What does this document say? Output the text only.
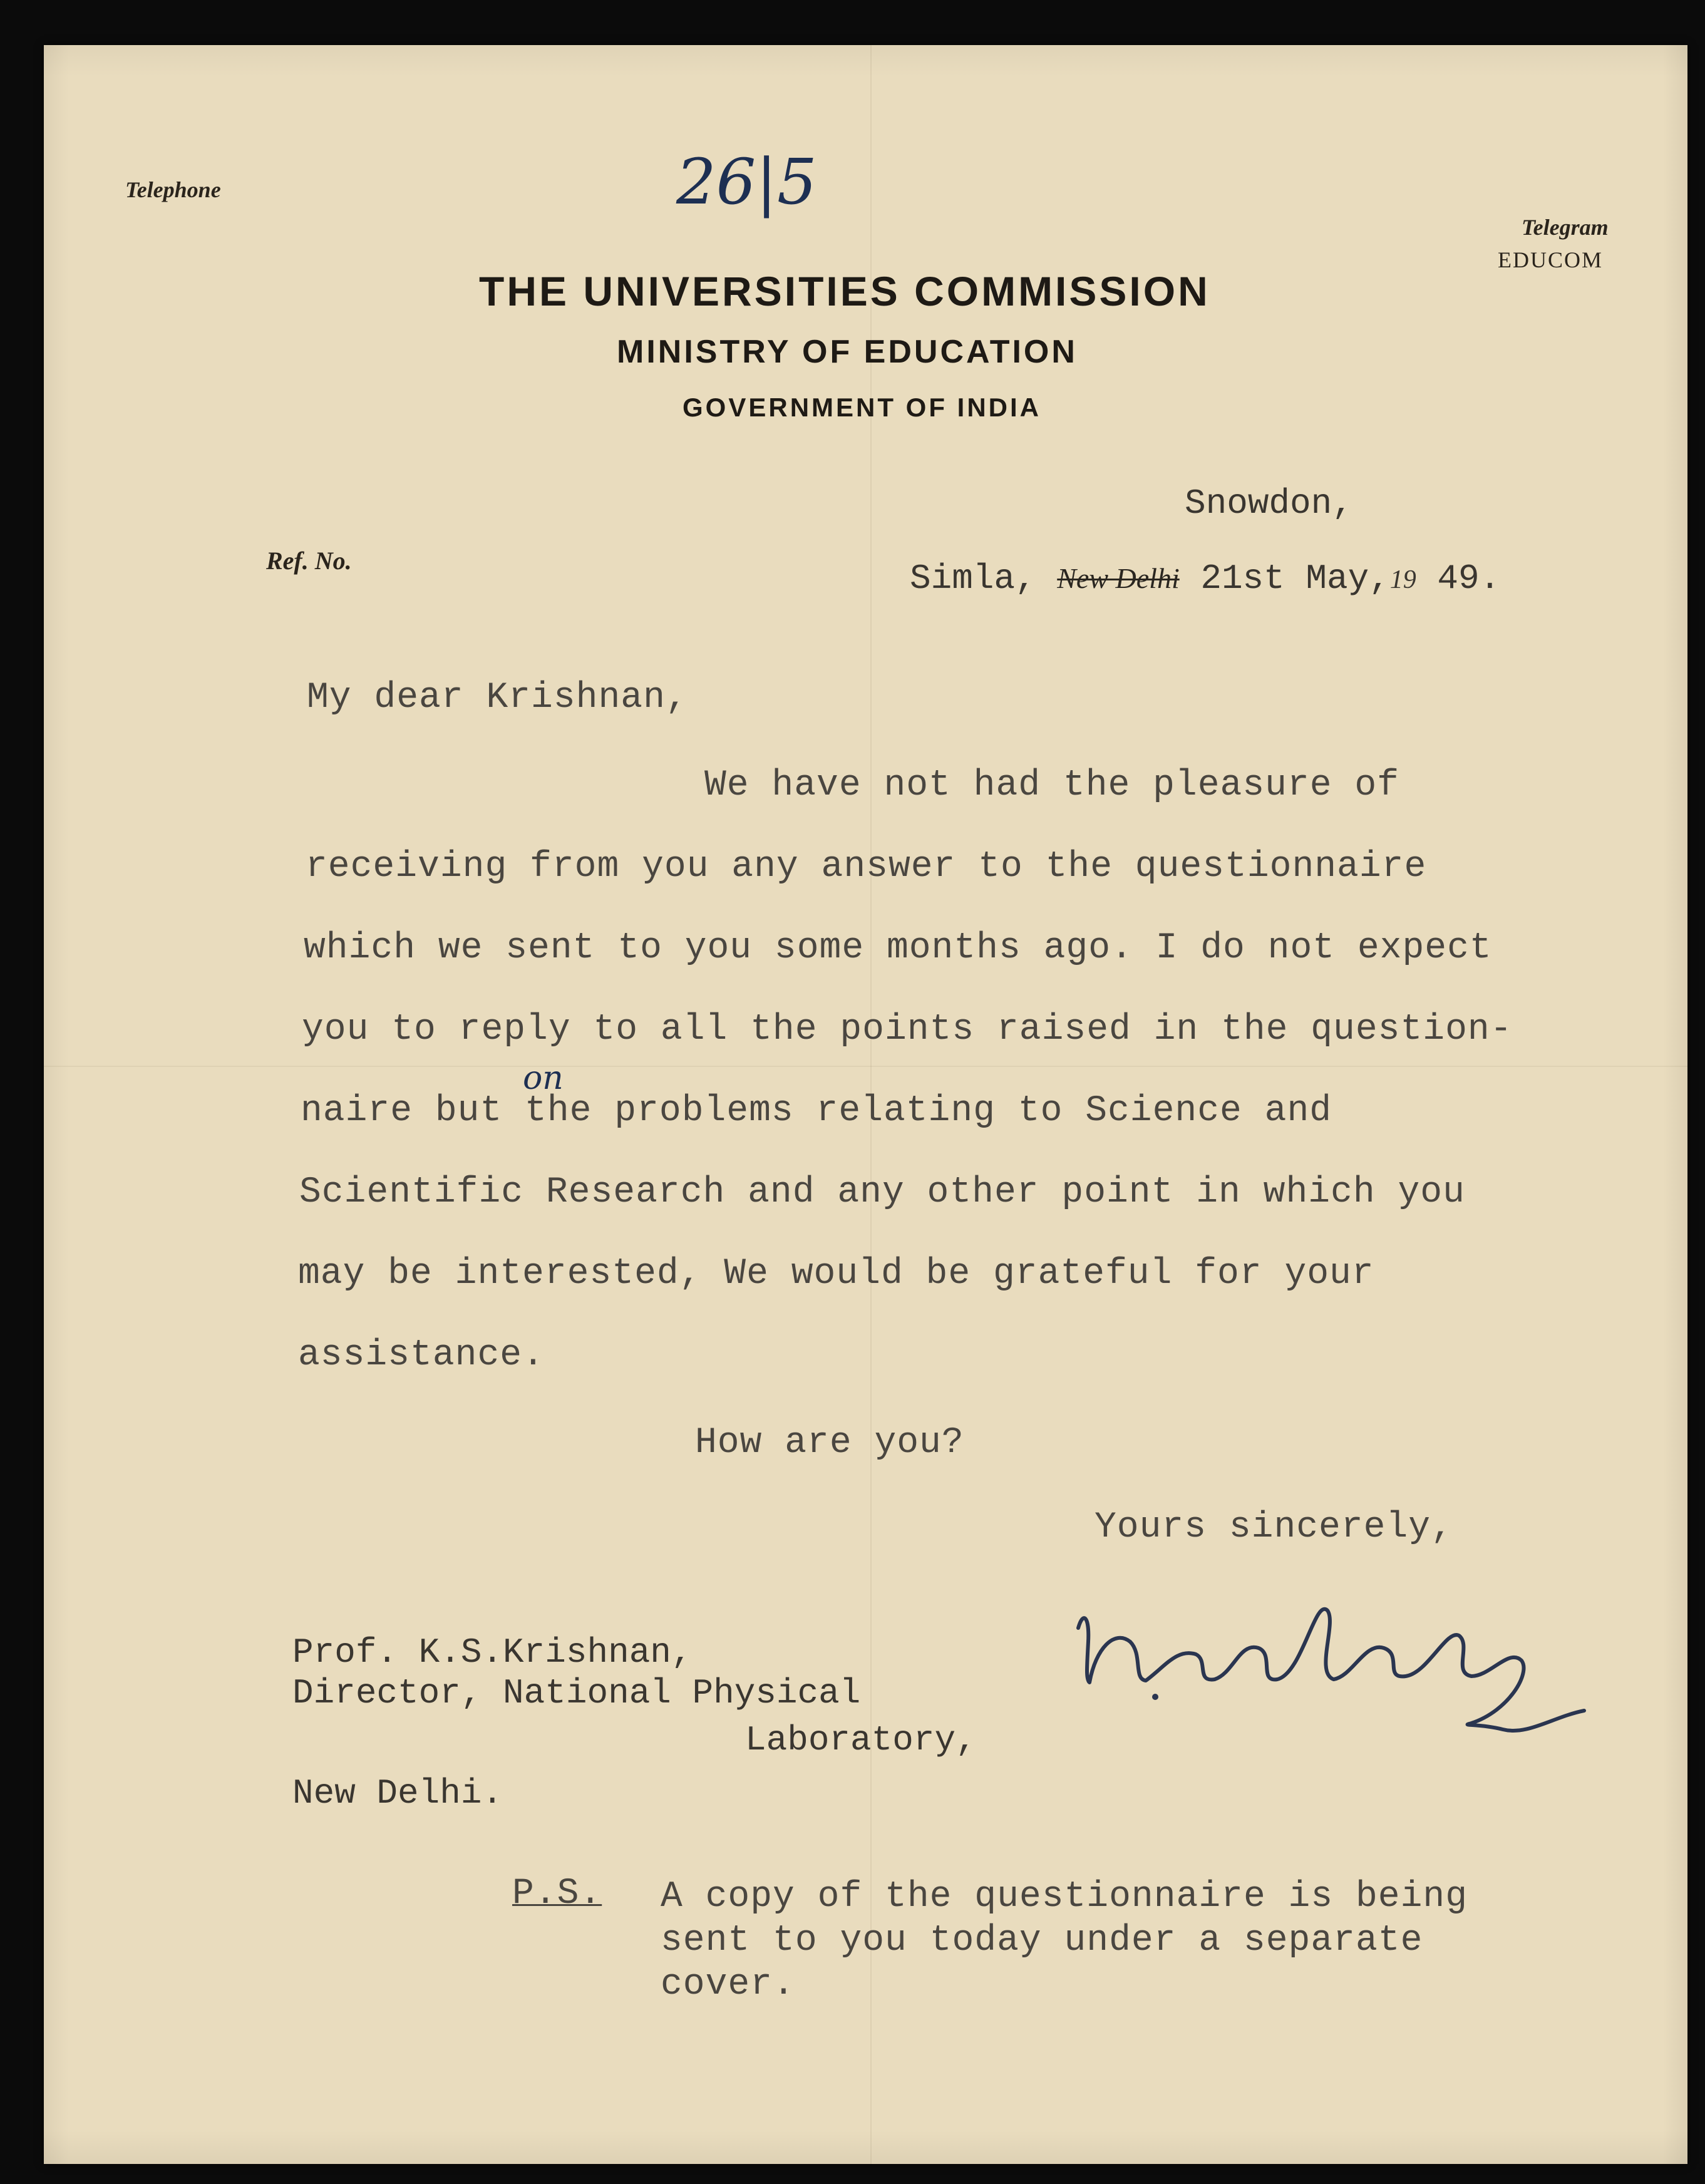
26|5
Telephone
Telegram
EDUCOM
THE UNIVERSITIES COMMISSION
MINISTRY OF EDUCATION
GOVERNMENT OF INDIA
Snowdon,
Ref. No.	Simla, New Delhi 21st May,19 49.
My dear Krishnan,
We have not had the pleasure of
receiving from you any answer to the questionnaire
which we sent to you some months ago. I do not expect
you to reply to all the points raised in the question-
on
naire but the problems relating to Science and
Scientific Research and any other point in which you
may be interested, We would be grateful for your
assistance.
How are you?
Yours sincerely,
Prof. K.S.Krishnan,
Director, National Physical
Laboratory,
New Delhi.
P.S. A copy of the questionnaire is being
sent to you today under a separate
cover.
